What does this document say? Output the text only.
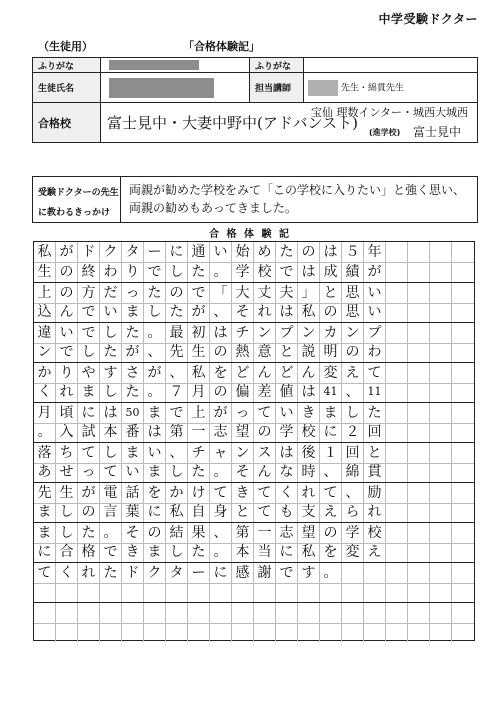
中学受験ドクター
（生徒用）	「合格体験記」
ふりがな		ふりがな	
生徒氏名		担当講師	先生・綿貫先生
合格校	富士見中・大妻中野中(アドバンスト)
宝仙 理数インター・城西大城西
(進学校) 富士見中		
受験ドクターの先生
に教わるきっかけ
両親が勧めた学校をみて「この学校に入りたい」と強く思い、
両親の勧めもあってきました。
合 格 体 験 記
私 が ド ク タ ー に 通 い 始 め た の は ５ 年
生 の 終 わ り で し た 。 学 校 で は 成 績 が
上 の 方 だ っ た の で 「 大 丈 夫 」 と 思 い
込 ん で い ま し た が 、 そ れ は 私 の 思 い
違 い で し た 。 最 初 は チ ン プ ン カ ン プ
ン で し た が 、 先 生 の 熱 意 と 説 明 の わ
か り や す さ が 、 私 を ど ん ど ん 変 え て
く れ ま し た 。 ７ 月 の 偏 差 値 は 41 、 11
月 頃 に は 50 ま で 上 が っ て い き ま し た
。 入 試 本 番 は 第 一 志 望 の 学 校 に ２ 回
落 ち て し ま い 、 チ ャ ン ス は 後 １ 回 と
あ せ っ て い ま し た 。 そ ん な 時 、 綿 貫
先 生 が 電 話 を か け て き て く れ て 、 励
ま し の 言 葉 に 私 自 身 と て も 支 え ら れ
ま し た 。 そ の 結 果 、 第 一 志 望 の 学 校
に 合 格 で き ま し た 。 本 当 に 私 を 変 え
て く れ た ド ク タ ー に 感 謝 で す 。
